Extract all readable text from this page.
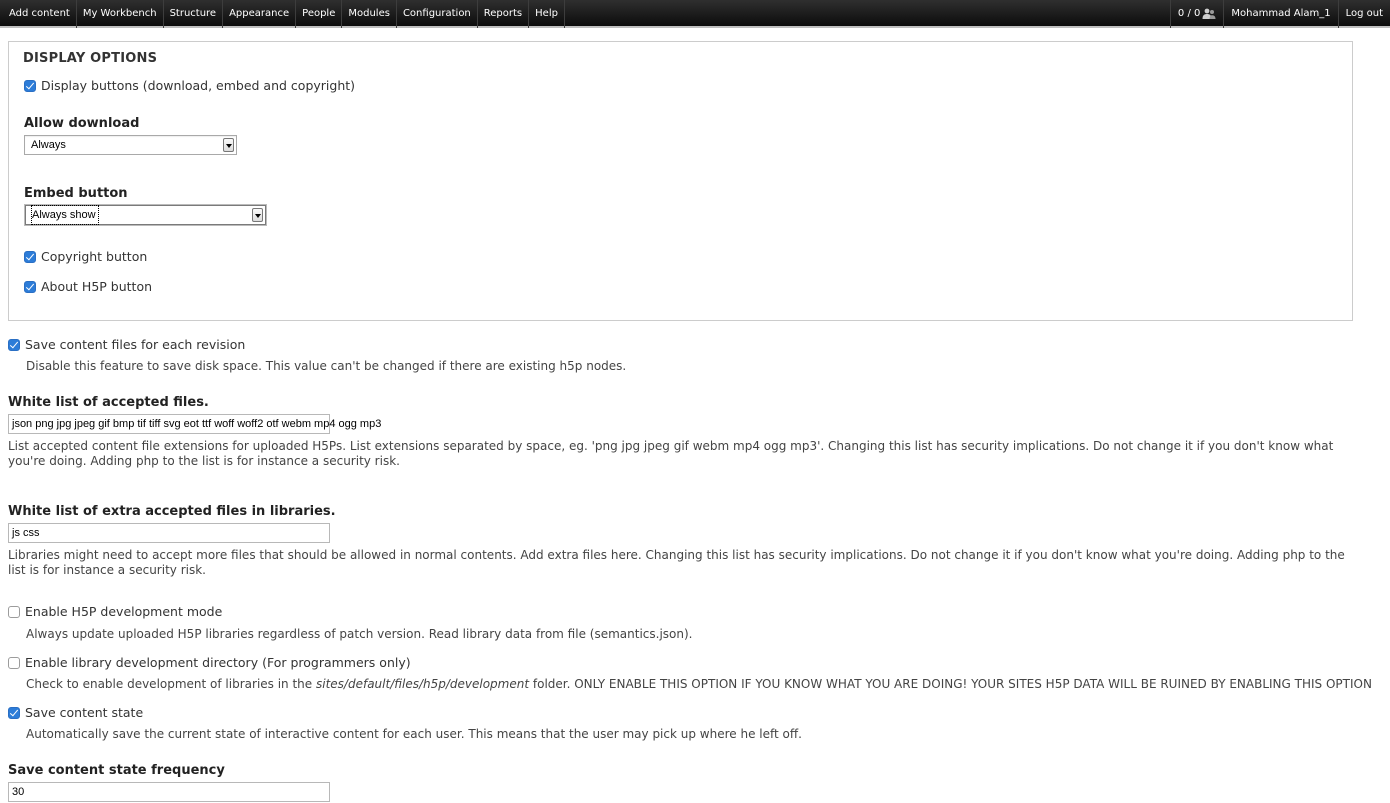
Add content	My Workbench	Structure	Appearance	People	Modules	Configuration	Reports	Help	0 / 0	Mohammad Alam_1	Log out
DISPLAY OPTIONS
Display buttons (download, embed and copyright)
Allow download
Always
Embed button
Always show
Copyright button
About H5P button
Save content files for each revision
Disable this feature to save disk space. This value can't be changed if there are existing h5p nodes.
White list of accepted files.
json png jpg jpeg gif bmp tif tiff svg eot ttf woff woff2 otf webm mp4 ogg mp3
List accepted content file extensions for uploaded H5Ps. List extensions separated by space, eg. 'png jpg jpeg gif webm mp4 ogg mp3'. Changing this list has security implications. Do not change it if you don't know what you're doing. Adding php to the list is for instance a security risk.
White list of extra accepted files in libraries.
js css
Libraries might need to accept more files that should be allowed in normal contents. Add extra files here. Changing this list has security implications. Do not change it if you don't know what you're doing. Adding php to the list is for instance a security risk.
Enable H5P development mode
Always update uploaded H5P libraries regardless of patch version. Read library data from file (semantics.json).
Enable library development directory (For programmers only)
Check to enable development of libraries in the sites/default/files/h5p/development folder. ONLY ENABLE THIS OPTION IF YOU KNOW WHAT YOU ARE DOING! YOUR SITES H5P DATA WILL BE RUINED BY ENABLING THIS OPTION
Save content state
Automatically save the current state of interactive content for each user. This means that the user may pick up where he left off.
Save content state frequency
30
